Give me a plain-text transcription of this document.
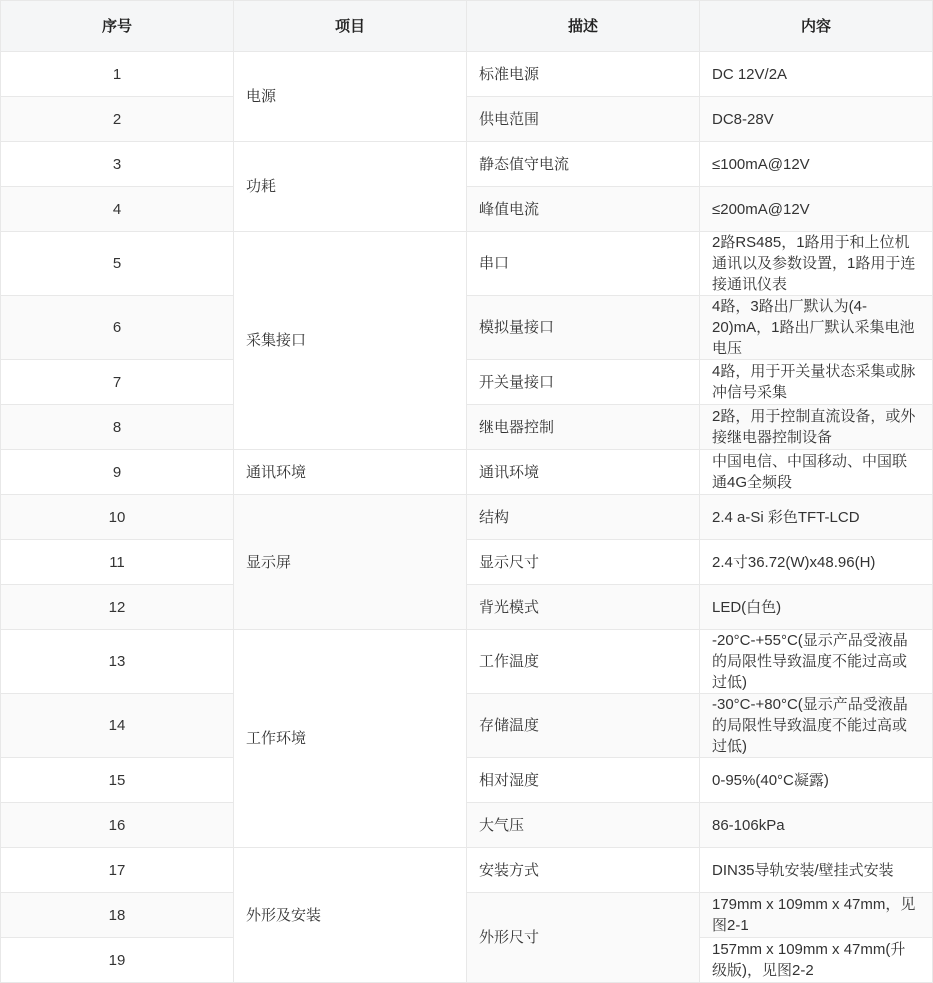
序号	项目	描述	内容
1	电源	标准电源	DC 12V/2A
2		供电范围	DC8-28V
3	功耗	静态值守电流	≤100mA@12V
4		峰值电流	≤200mA@12V
5	采集接口	串口	2路RS485，1路用于和上位机通讯以及参数设置，1路用于连接通讯仪表
6		模拟量接口	4路，3路出厂默认为(4-20)mA，1路出厂默认采集电池电压
7		开关量接口	4路，用于开关量状态采集或脉冲信号采集
8		继电器控制	2路，用于控制直流设备，或外接继电器控制设备
9	通讯环境	通讯环境	中国电信、中国移动、中国联通4G全频段
10	显示屏	结构	2.4 a-Si 彩色TFT-LCD
11		显示尺寸	2.4寸36.72(W)x48.96(H)
12		背光模式	LED(白色)
13	工作环境	工作温度	-20°C-+55°C(显示产品受液晶的局限性导致温度不能过高或过低)
14		存储温度	-30°C-+80°C(显示产品受液晶的局限性导致温度不能过高或过低)
15		相对湿度	0-95%(40°C凝露)
16		大气压	86-106kPa
17	外形及安装	安装方式	DIN35导轨安装/壁挂式安装
18		外形尺寸	179mm x 109mm x 47mm，见图2-1
19			157mm x 109mm x 47mm(升级版)，见图2-2
